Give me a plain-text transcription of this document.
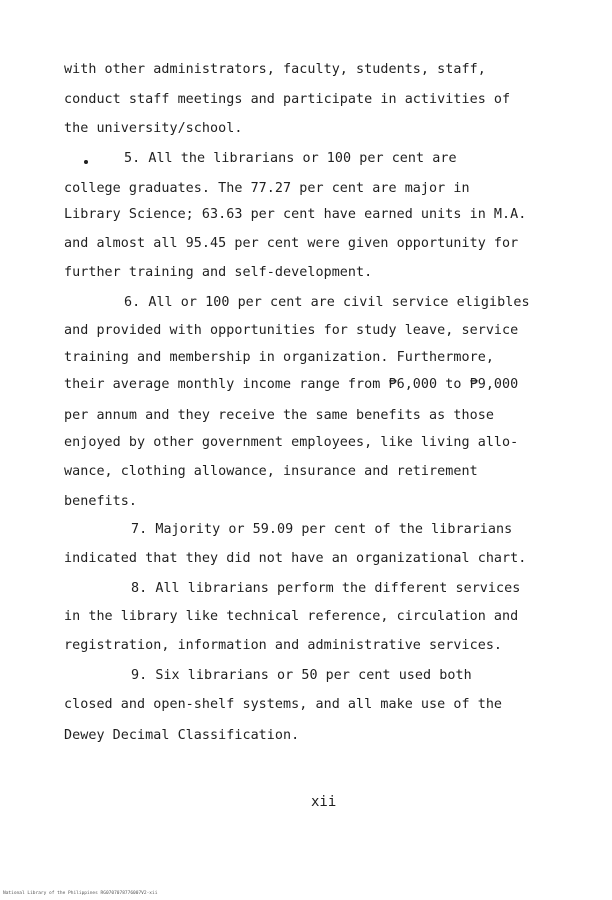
with other administrators, faculty, students, staff,
conduct staff meetings and participate in activities of
the university/school.
5. All the librarians or 100 per cent are
college graduates. The 77.27 per cent are major in
Library Science; 63.63 per cent have earned units in M.A.
and almost all 95.45 per cent were given opportunity for
further training and self-development.
6. All or 100 per cent are civil service eligibles
and provided with opportunities for study leave, service
training and membership in organization. Furthermore,
their average monthly income range from ₱6,000 to ₱9,000
per annum and they receive the same benefits as those
enjoyed by other government employees, like living allo-
wance, clothing allowance, insurance and retirement
benefits.
7. Majority or 59.09 per cent of the librarians
indicated that they did not have an organizational chart.
8. All librarians perform the different services
in the library like technical reference, circulation and
registration, information and administrative services.
9. Six librarians or 50 per cent used both
closed and open-shelf systems, and all make use of the
Dewey Decimal Classification.
xii
National Library of the Philippines RG0707078776007V2-xii
